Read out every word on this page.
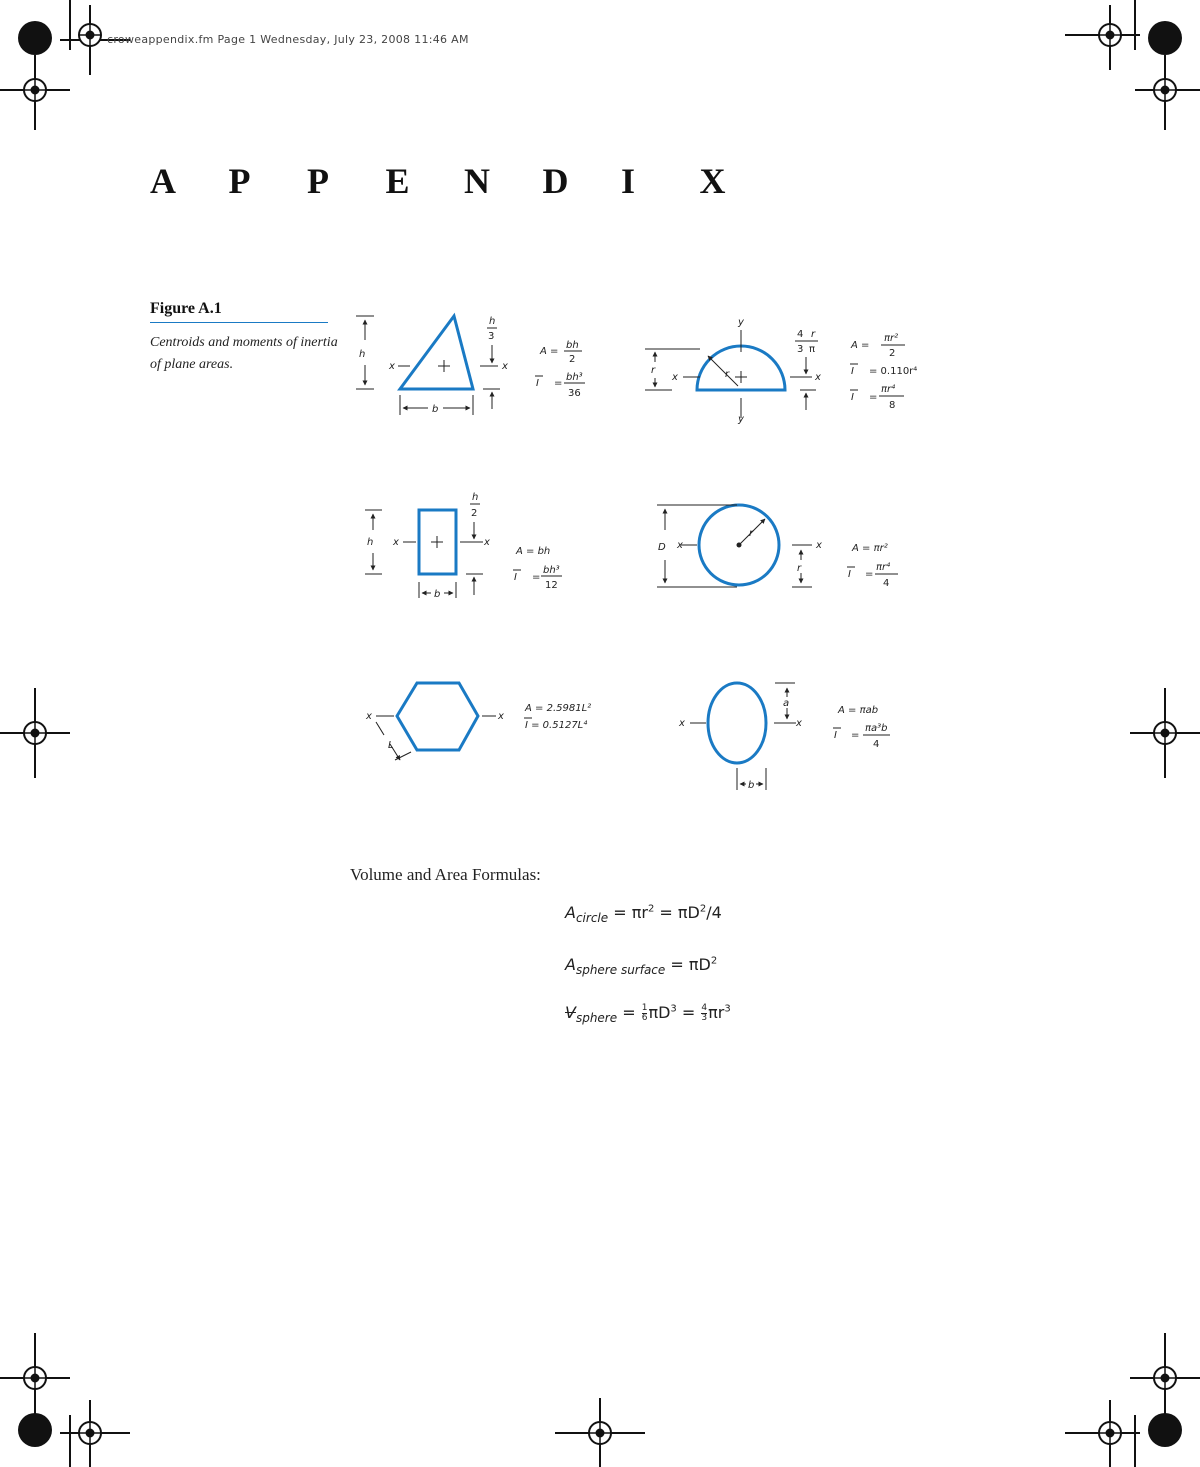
croweappendix.fm Page 1 Wednesday, July 23, 2008 11:46 AM
A	P	P	E	N	D	I	X
Figure A.1
Centroids and moments of inertia of plane areas.
h
b
x	x
h
3
A =
bh
2
I =
bh³
36
y
y
x	x
r
r
4 r
3 π	A =
πr²
2
I = 0.110r⁴
I =
πr⁴
8
h
b
x	x
h
2
A = bh
I =
bh³
12
D
r
r
x	x	A = πr²
I =
πr⁴
4
x	x
L
A = 2.5981L²
I = 0.5127L⁴	x	x
a
b
A = πab
I =
πa³b
4
Volume and Area Formulas:
$A_{circle} = \pi r^2 = \pi D^2/4$
$A_{sphere surface} = \pi D^2$
$V_{sphere} = \frac{1}{6} \pi D^3 = \frac{4}{3} \pi r^3$
